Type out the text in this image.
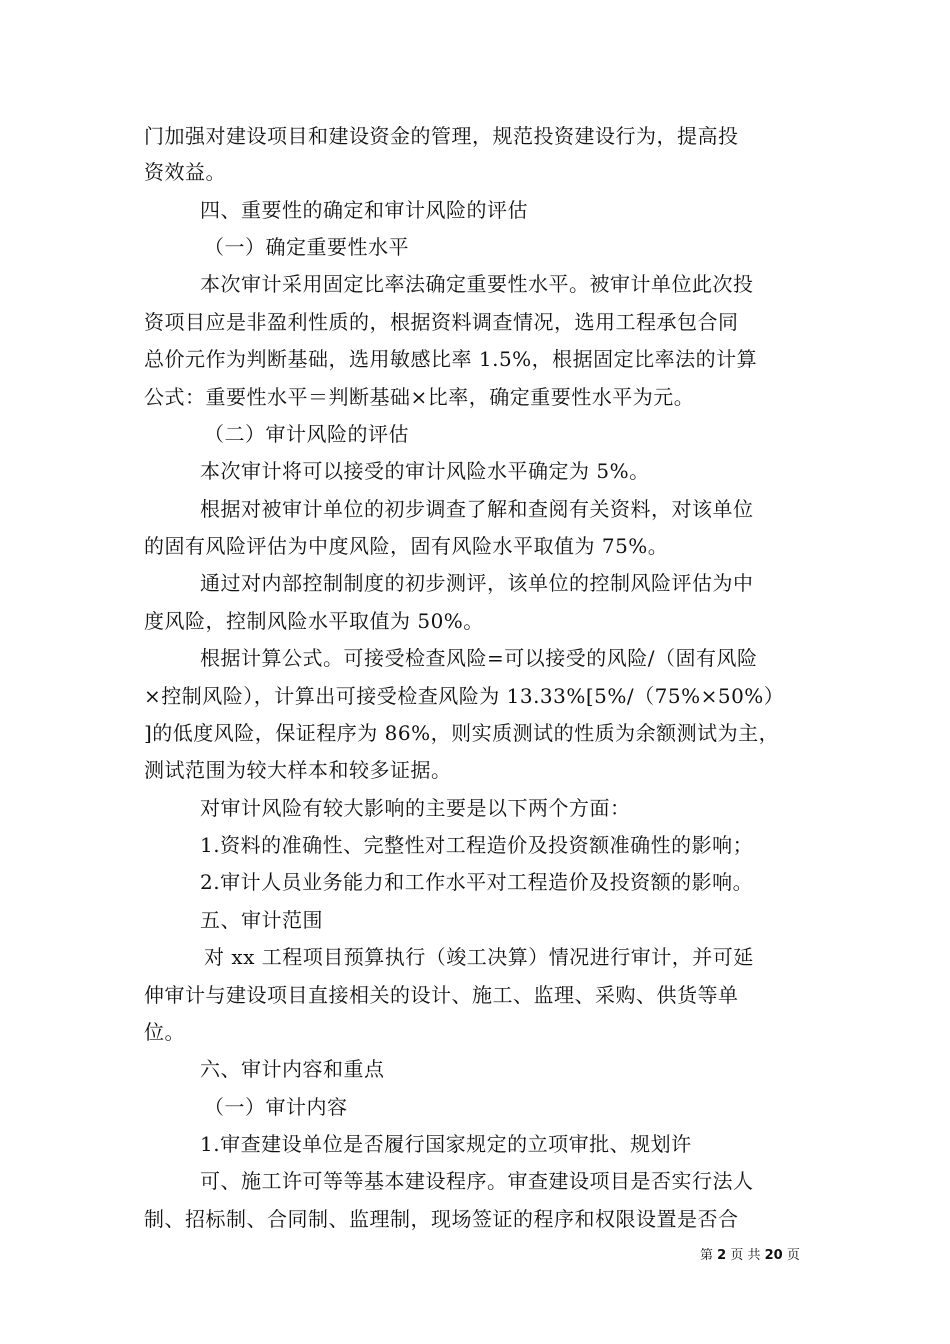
门加强对建设项目和建设资金的管理，规范投资建设行为，提高投
资效益。
四、重要性的确定和审计风险的评估
（一）确定重要性水平
本次审计采用固定比率法确定重要性水平。被审计单位此次投
资项目应是非盈利性质的，根据资料调查情况，选用工程承包合同
总价元作为判断基础，选用敏感比率 1.5%，根据固定比率法的计算
公式：重要性水平＝判断基础×比率，确定重要性水平为元。
（二）审计风险的评估
本次审计将可以接受的审计风险水平确定为 5%。
根据对被审计单位的初步调查了解和查阅有关资料，对该单位
的固有风险评估为中度风险，固有风险水平取值为 75%。
通过对内部控制制度的初步测评，该单位的控制风险评估为中
度风险，控制风险水平取值为 50%。
根据计算公式。可接受检查风险=可以接受的风险/（固有风险
×控制风险），计算出可接受检查风险为 13.33%[5%/（75%×50%）
]的低度风险，保证程序为 86%，则实质测试的性质为余额测试为主，
测试范围为较大样本和较多证据。
对审计风险有较大影响的主要是以下两个方面：
1.资料的准确性、完整性对工程造价及投资额准确性的影响；
2.审计人员业务能力和工作水平对工程造价及投资额的影响。
五、审计范围
对 xx 工程项目预算执行（竣工决算）情况进行审计，并可延
伸审计与建设项目直接相关的设计、施工、监理、采购、供货等单
位。
六、审计内容和重点
（一）审计内容
1.审查建设单位是否履行国家规定的立项审批、规划许
可、施工许可等等基本建设程序。审查建设项目是否实行法人
制、招标制、合同制、监理制，现场签证的程序和权限设置是否合
第 2 页 共 20 页
